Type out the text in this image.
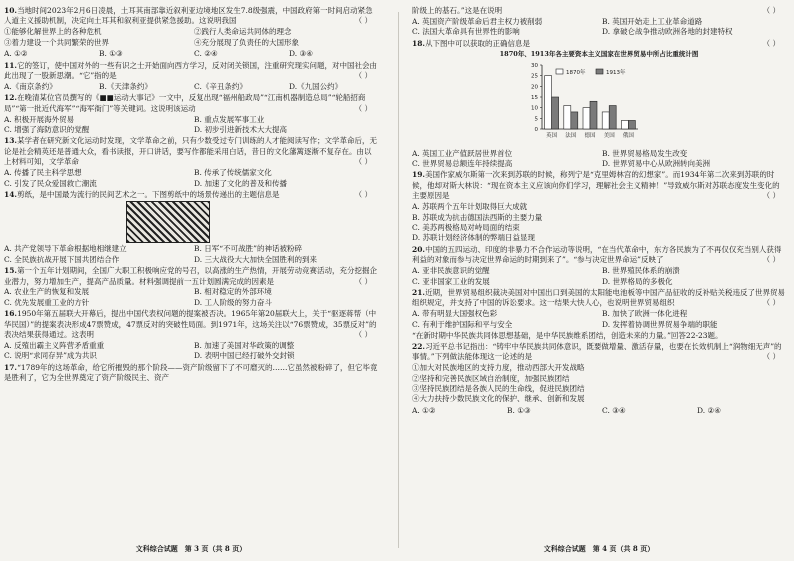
10.当地时间2023年2月6日凌晨，土耳其南部靠近叙利亚边境地区发生7.8级强震，中国政府第一时间启动紧急人道主义援助机制，决定向土耳其和叙利亚提供紧急援助。这说明我国	（ ）
①能够化解世界上的各种危机	②践行人类命运共同体的理念
③着力建设一个共同繁荣的世界	④充分展现了负责任的大国形象
A. ①②	B. ①③	C. ②④	D. ③④
11.它的签订，使中国对外的一些有识之士开始面向西方学习，反对闭关锁国，注重研究现实问题，对中国社会由此出现了一股新思潮。“它”指的是	（ ）
A.《南京条约》	B.《天津条约》	C.《辛丑条约》	D.《九国公约》
12.在晚清某位官员撰写的《■■运动大事记》一文中，反复出现“福州船政局”“江南机器制造总局”“轮船招商局”“第一批近代海军”“海军衙门”等关键词。这说明该运动	（ ）
A. 积极开展海外贸易	B. 重点发展军事工业
C. 增强了海防意识的觉醒	D. 初步引进新技术大大提高
13.某学者在研究新文化运动时发现，文学革命之前，只有少数受过专门训练的人才能阅读写作；文学革命后，无论是社会精英还是普通大众，看书读报，开口讲话，要写作都能采用白话，昔日的文化藩篱逐渐不复存在。由以上材料可知，文学革命	（ ）
A. 传播了民主科学思想	B. 传承了传统儒家文化
C. 引发了民众爱国救亡潮流	D. 加速了文化的普及和传播
14.剪纸，是中国最为流行的民间艺术之一。下图剪纸中的场景传递出的主题信息是	（ ）
A. 共产党领导下革命根据地相继建立	B. 日军“不可战胜”的神话被粉碎
C. 全民族抗战开展下国共团结合作	D. 三大战役大大加快全国胜利的到来
15.第一个五年计划期间，全国广大职工积极响应党的号召，以高涨的生产热情，开展劳动竞赛活动，充分挖掘企业潜力，努力增加生产，提高产品质量。材料强调提前一五计划圆满完成的因素是	（ ）
A. 农业生产的恢复和发展	B. 相对稳定的外部环境
C. 优先发展重工业的方针	D. 工人阶级的努力奋斗
16.1950年第五届联大开幕后，提出中国代表权问题的提案被否决。1965年第20届联大上，关于“驱逐蒋帮（中华民国）”的提案表决形成47票赞成，47票反对的突破性局面。到1971年，这场关注以“76票赞成，35票反对”的表决结果获得通过。这表明	（ ）
A. 反殖出霸主义阵营矛盾重重	B. 加速了美国对华政策的调整
C. 说明“求同存异”成为共识	D. 表明中国已经打破外交封锁
17.“1789年的这场革命，给它所摧毁的那个阶段——资产阶级留下了不可磨灭的……它虽然被粉碎了，但它毕竟是胜利了，它为全世界奠定了资产阶级民主、资产
文科综合试题　第 3 页（共 8 页）
阶级上的基石。”这是在说明	（ ）
A. 英国资产阶级革命后君主权力被削弱	B. 英国开始走上工业革命道路
C. 法国大革命具有世界性的影响	D. 拿破仑战争推动欧洲各地的封建特权
18.从下图中可以获取的正确信息是	（ ）
1870年、1913年各主要资本主义国家在世界贸易中所占比重统计图
0
5
10
15
20
25
30
英国 法国 德国 美国 俄国
1870年	1913年
A. 英国工业产值跃居世界首位	B. 世界贸易格局发生改变
C. 世界贸易总额连年持续提高	D. 世界贸易中心从欧洲转向美洲
19.美国作家威尔斯第一次来到苏联的时候，称列宁是“克里姆林宫的幻想家”。而1934年第二次来到苏联的时候，他却对斯大林说：“现在资本主义应该向你们学习，理解社会主义精神！”导致威尔斯对苏联态度发生变化的主要原因是	（ ）
A. 苏联两个五年计划取得巨大成就
B. 苏联成为抗击德国法西斯的主要力量
C. 美苏两极格局对峙局面的结束
D. 苏联计划经济体制的弊端日益显现
20.中国的五四运动、印度的非暴力不合作运动等说明，“在当代革命中，东方各民族为了不再仅仅充当别人获得利益的对象而参与决定世界命运的时期到来了”。“参与决定世界命运”反映了	（ ）
A. 亚非民族意识的觉醒	B. 世界殖民体系的崩溃
C. 亚非国家工业的发展	D. 世界格局的多极化
21.近期，世界贸易组织裁决美国对中国出口到美国的太阳能电池板等中国产品征收的反补贴关税违反了世界贸易组织规定，并支持了中国的诉讼要求。这一结果大快人心，也说明世界贸易组织	（ ）
A. 带有明显大国强权色彩	B. 加快了欧洲一体化进程
C. 有利于维护国际和平与安全	D. 发挥着协调世界贸易争端的职能
“在新时期中华民族共同体思想基础，是中华民族维系团结，创造未来的力量。”回答22-23题。
22.习近平总书记指出：“铸牢中华民族共同体意识，既要做增量、激活存量，也要在长效机制上“润物细无声”的事情。”下列做法能体现这一论述的是	（ ）
①加大对民族地区的支持力度，推动西部大开发战略
②坚持和完善民族区域自治制度，加强民族团结
③坚持民族团结是各族人民的生命线，促进民族团结
④大力扶持少数民族文化的保护、继承、创新和发展
A. ①②	B. ①③	C. ③④	D. ②④
文科综合试题　第 4 页（共 8 页）
